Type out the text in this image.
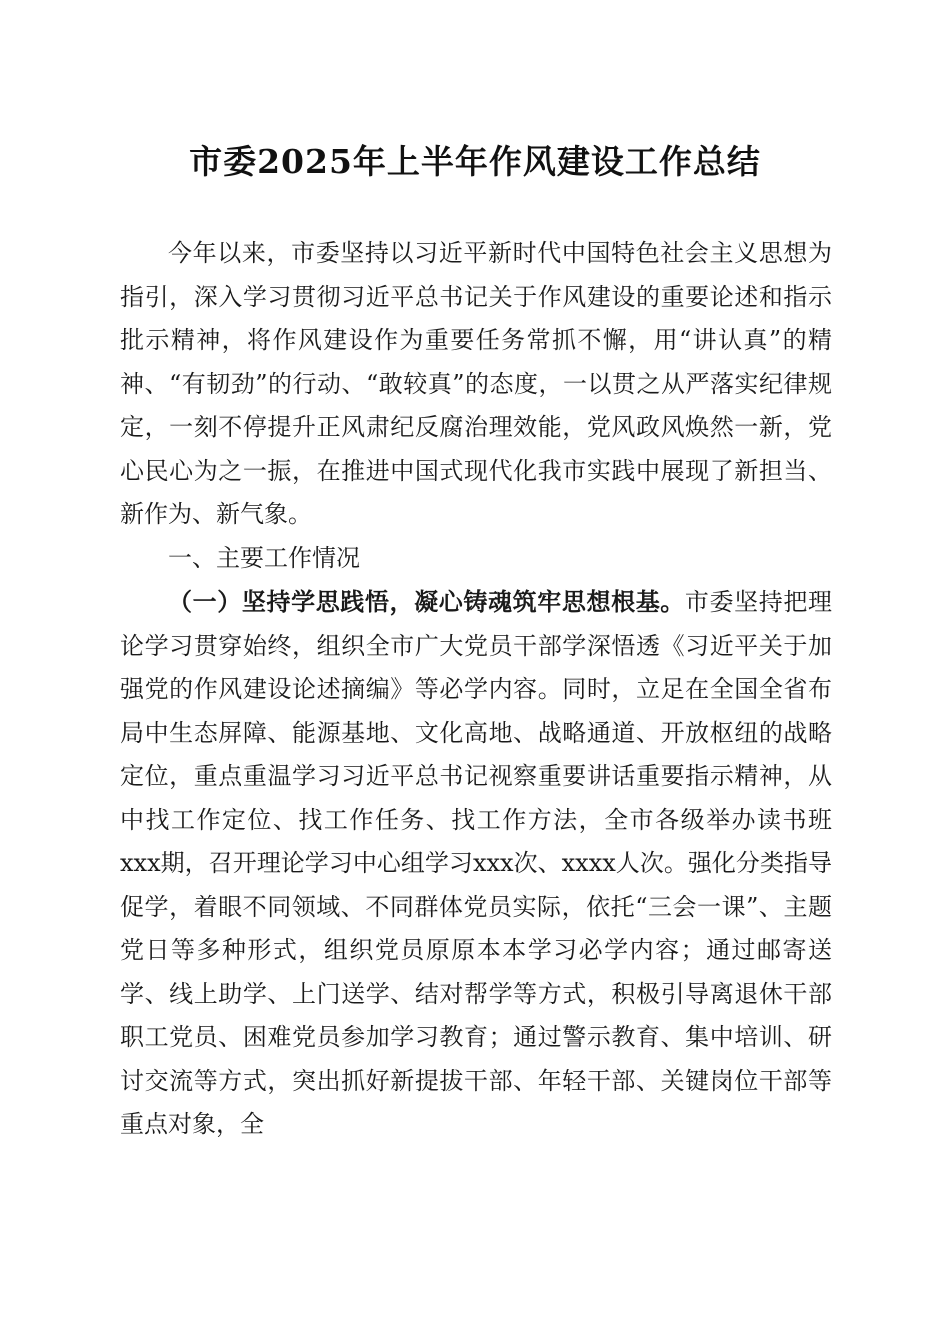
市委2025年上半年作风建设工作总结

今年以来，市委坚持以习近平新时代中国特色社会主义思想为指引，深入学习贯彻习近平总书记关于作风建设的重要论述和指示批示精神，将作风建设作为重要任务常抓不懈，用“讲认真”的精神、“有韧劲”的行动、“敢较真”的态度，一以贯之从严落实纪律规定，一刻不停提升正风肃纪反腐治理效能，党风政风焕然一新，党心民心为之一振，在推进中国式现代化我市实践中展现了新担当、新作为、新气象。

一、主要工作情况

（一）坚持学思践悟，凝心铸魂筑牢思想根基。市委坚持把理论学习贯穿始终，组织全市广大党员干部学深悟透《习近平关于加强党的作风建设论述摘编》等必学内容。同时，立足在全国全省布局中生态屏障、能源基地、文化高地、战略通道、开放枢纽的战略定位，重点重温学习习近平总书记视察重要讲话重要指示精神，从中找工作定位、找工作任务、找工作方法，全市各级举办读书班xxx期，召开理论学习中心组学习xxx次、xxxx人次。强化分类指导促学，着眼不同领域、不同群体党员实际，依托“三会一课”、主题党日等多种形式，组织党员原原本本学习必学内容；通过邮寄送学、线上助学、上门送学、结对帮学等方式，积极引导离退休干部职工党员、困难党员参加学习教育；通过警示教育、集中培训、研讨交流等方式，突出抓好新提拔干部、年轻干部、关键岗位干部等重点对象，全
